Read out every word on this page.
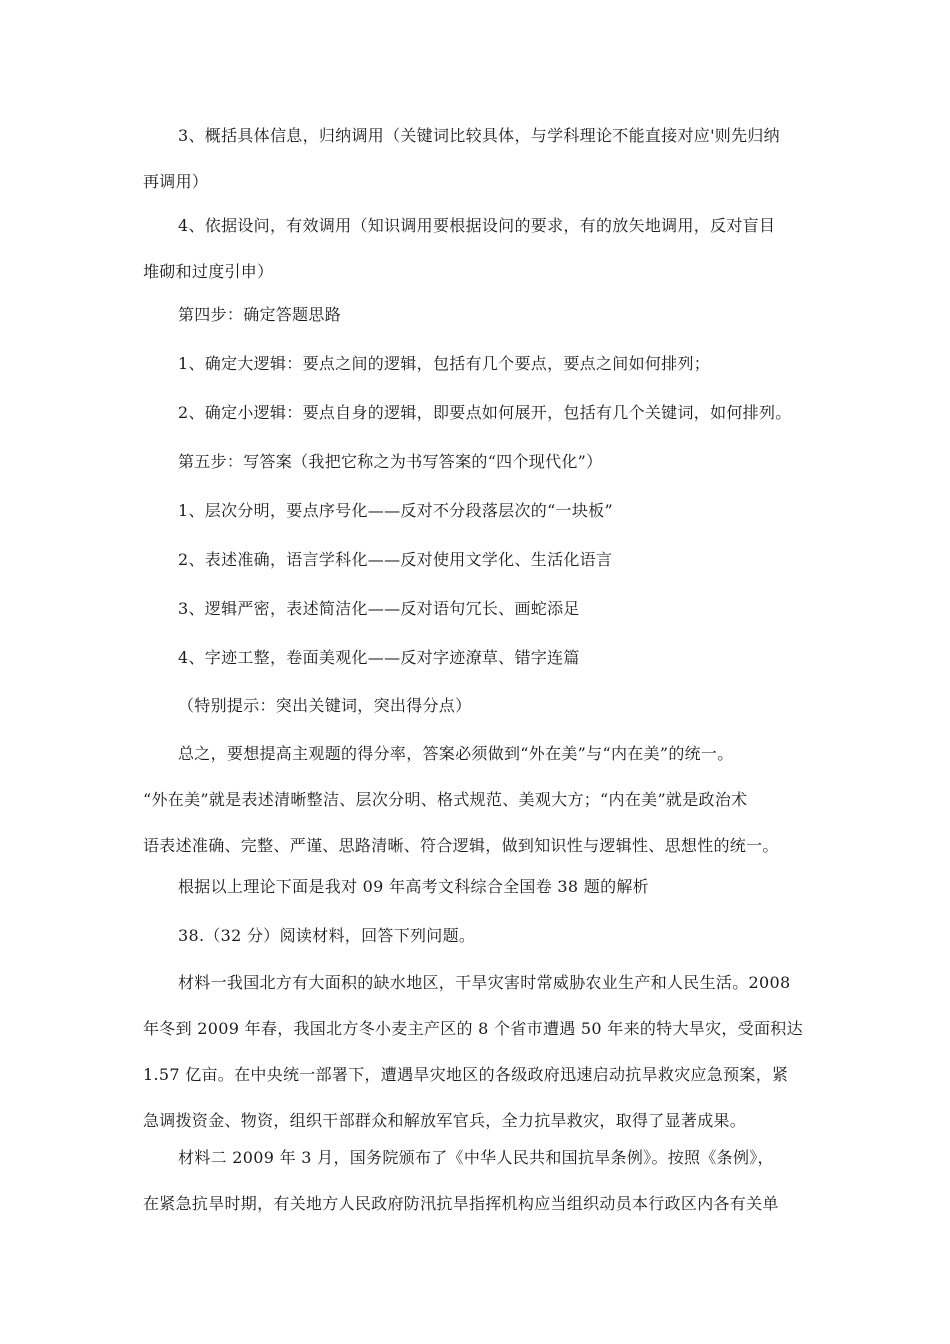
3、概括具体信息，归纳调用（关键词比较具体，与学科理论不能直接对应'则先归纳
再调用）
4、依据设问，有效调用（知识调用要根据设问的要求，有的放矢地调用，反对盲目
堆砌和过度引申）
第四步：确定答题思路
1、确定大逻辑：要点之间的逻辑，包括有几个要点，要点之间如何排列；
2、确定小逻辑：要点自身的逻辑，即要点如何展开，包括有几个关键词，如何排列。
第五步：写答案（我把它称之为书写答案的“四个现代化”）
1、层次分明，要点序号化——反对不分段落层次的“一块板”
2、表述准确，语言学科化——反对使用文学化、生活化语言
3、逻辑严密，表述简洁化——反对语句冗长、画蛇添足
4、字迹工整，卷面美观化——反对字迹潦草、错字连篇
（特别提示：突出关键词，突出得分点）
总之，要想提高主观题的得分率，答案必须做到“外在美”与“内在美”的统一。
“外在美”就是表述清晰整洁、层次分明、格式规范、美观大方；“内在美”就是政治术
语表述准确、完整、严谨、思路清晰、符合逻辑，做到知识性与逻辑性、思想性的统一。
根据以上理论下面是我对 09 年高考文科综合全国卷 38 题的解析
38.（32 分）阅读材料，回答下列问题。
材料一我国北方有大面积的缺水地区，干旱灾害时常威胁农业生产和人民生活。2008
年冬到 2009 年春，我国北方冬小麦主产区的 8 个省市遭遇 50 年来的特大旱灾，受面积达
1.57 亿亩。在中央统一部署下，遭遇旱灾地区的各级政府迅速启动抗旱救灾应急预案，紧
急调拨资金、物资，组织干部群众和解放军官兵，全力抗旱救灾，取得了显著成果。
材料二 2009 年 3 月，国务院颁布了《中华人民共和国抗旱条例》。按照《条例》，
在紧急抗旱时期，有关地方人民政府防汛抗旱指挥机构应当组织动员本行政区内各有关单
